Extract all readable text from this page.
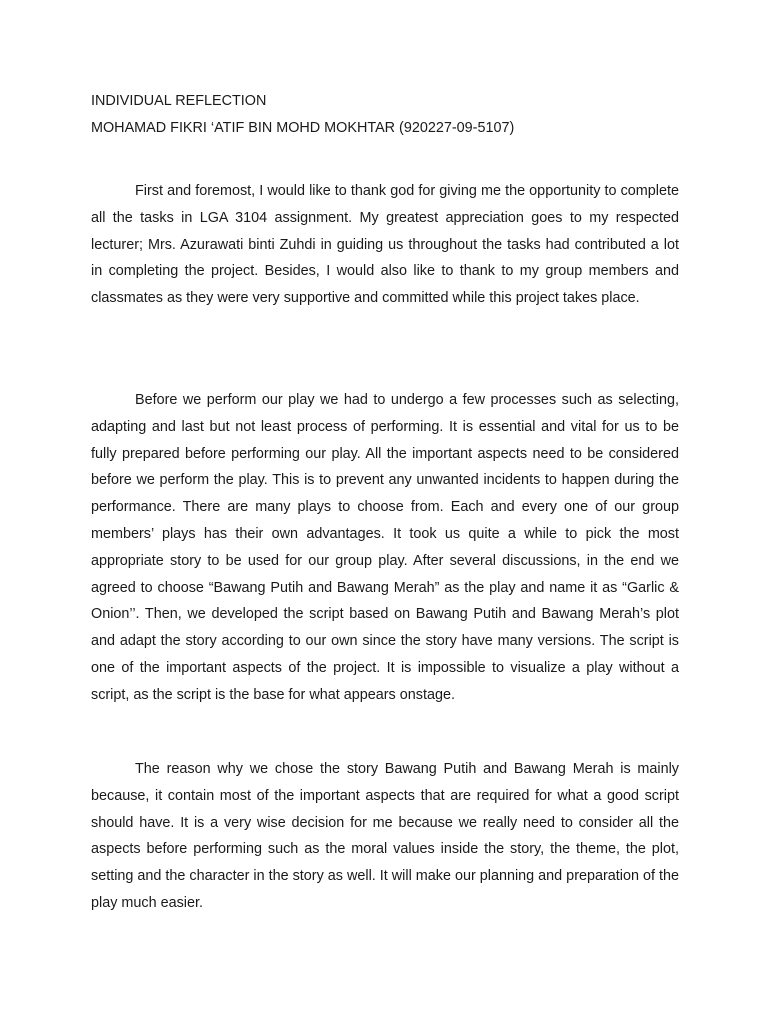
INDIVIDUAL REFLECTION
MOHAMAD FIKRI ‘ATIF BIN MOHD MOKHTAR (920227-09-5107)

First and foremost, I would like to thank god for giving me the opportunity to complete all the tasks in LGA 3104 assignment. My greatest appreciation goes to my respected lecturer; Mrs. Azurawati binti Zuhdi in guiding us throughout the tasks had contributed a lot in completing the project. Besides, I would also like to thank to my group members and classmates as they were very supportive and committed while this project takes place.

Before we perform our play we had to undergo a few processes such as selecting, adapting and last but not least process of performing. It is essential and vital for us to be fully prepared before performing our play. All the important aspects need to be considered before we perform the play. This is to prevent any unwanted incidents to happen during the performance. There are many plays to choose from. Each and every one of our group members’ plays has their own advantages. It took us quite a while to pick the most appropriate story to be used for our group play. After several discussions, in the end we agreed to choose “Bawang Putih and Bawang Merah” as the play and name it as “Garlic & Onion’’. Then, we developed the script based on Bawang Putih and Bawang Merah’s plot and adapt the story according to our own since the story have many versions. The script is one of the important aspects of the project. It is impossible to visualize a play without a script, as the script is the base for what appears onstage.

The reason why we chose the story Bawang Putih and Bawang Merah is mainly because, it contain most of the important aspects that are required for what a good script should have. It is a very wise decision for me because we really need to consider all the aspects before performing such as the moral values inside the story, the theme, the plot, setting and the character in the story as well. It will make our planning and preparation of the play much easier.
